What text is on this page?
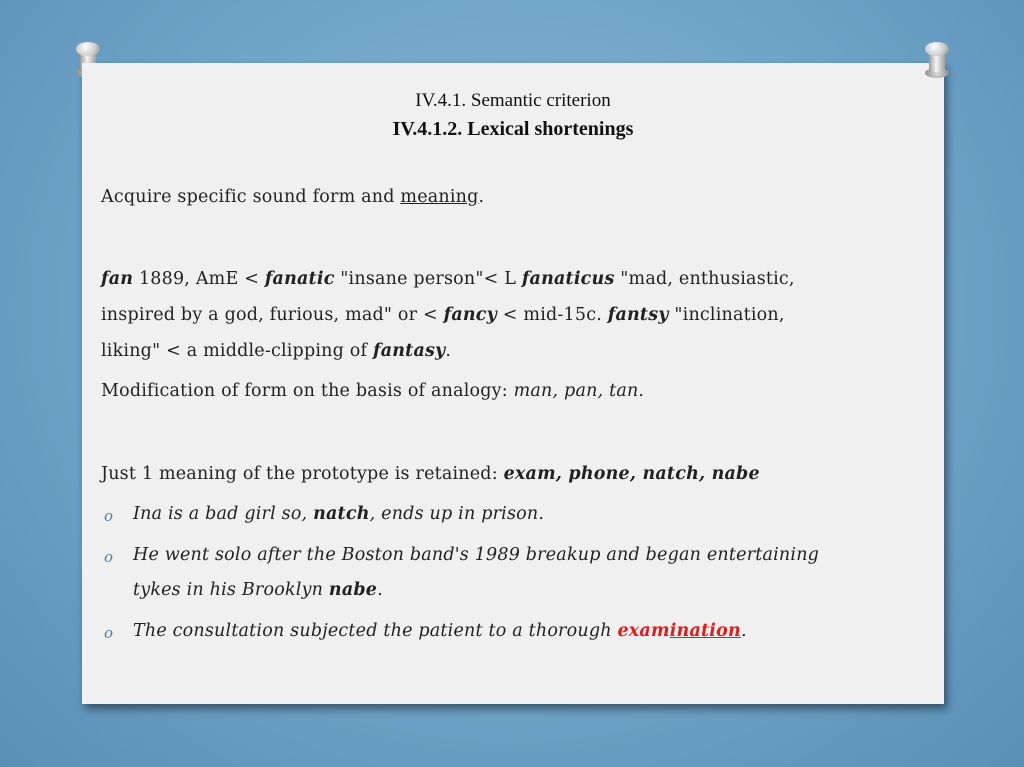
IV.4.1. Semantic criterion
IV.4.1.2. Lexical shortenings
Acquire specific sound form and meaning.
fan 1889, AmE < fanatic "insane person"< L fanaticus "mad, enthusiastic,
inspired by a god, furious, mad" or < fancy < mid-15c. fantsy "inclination,
liking" < a middle-clipping of fantasy.
Modification of form on the basis of analogy: man, pan, tan.
Just 1 meaning of the prototype is retained: exam, phone, natch, nabe
o Ina is a bad girl so, natch, ends up in prison.
o He went solo after the Boston band's 1989 breakup and began entertaining
tykes in his Brooklyn nabe.
o The consultation subjected the patient to a thorough examination.
